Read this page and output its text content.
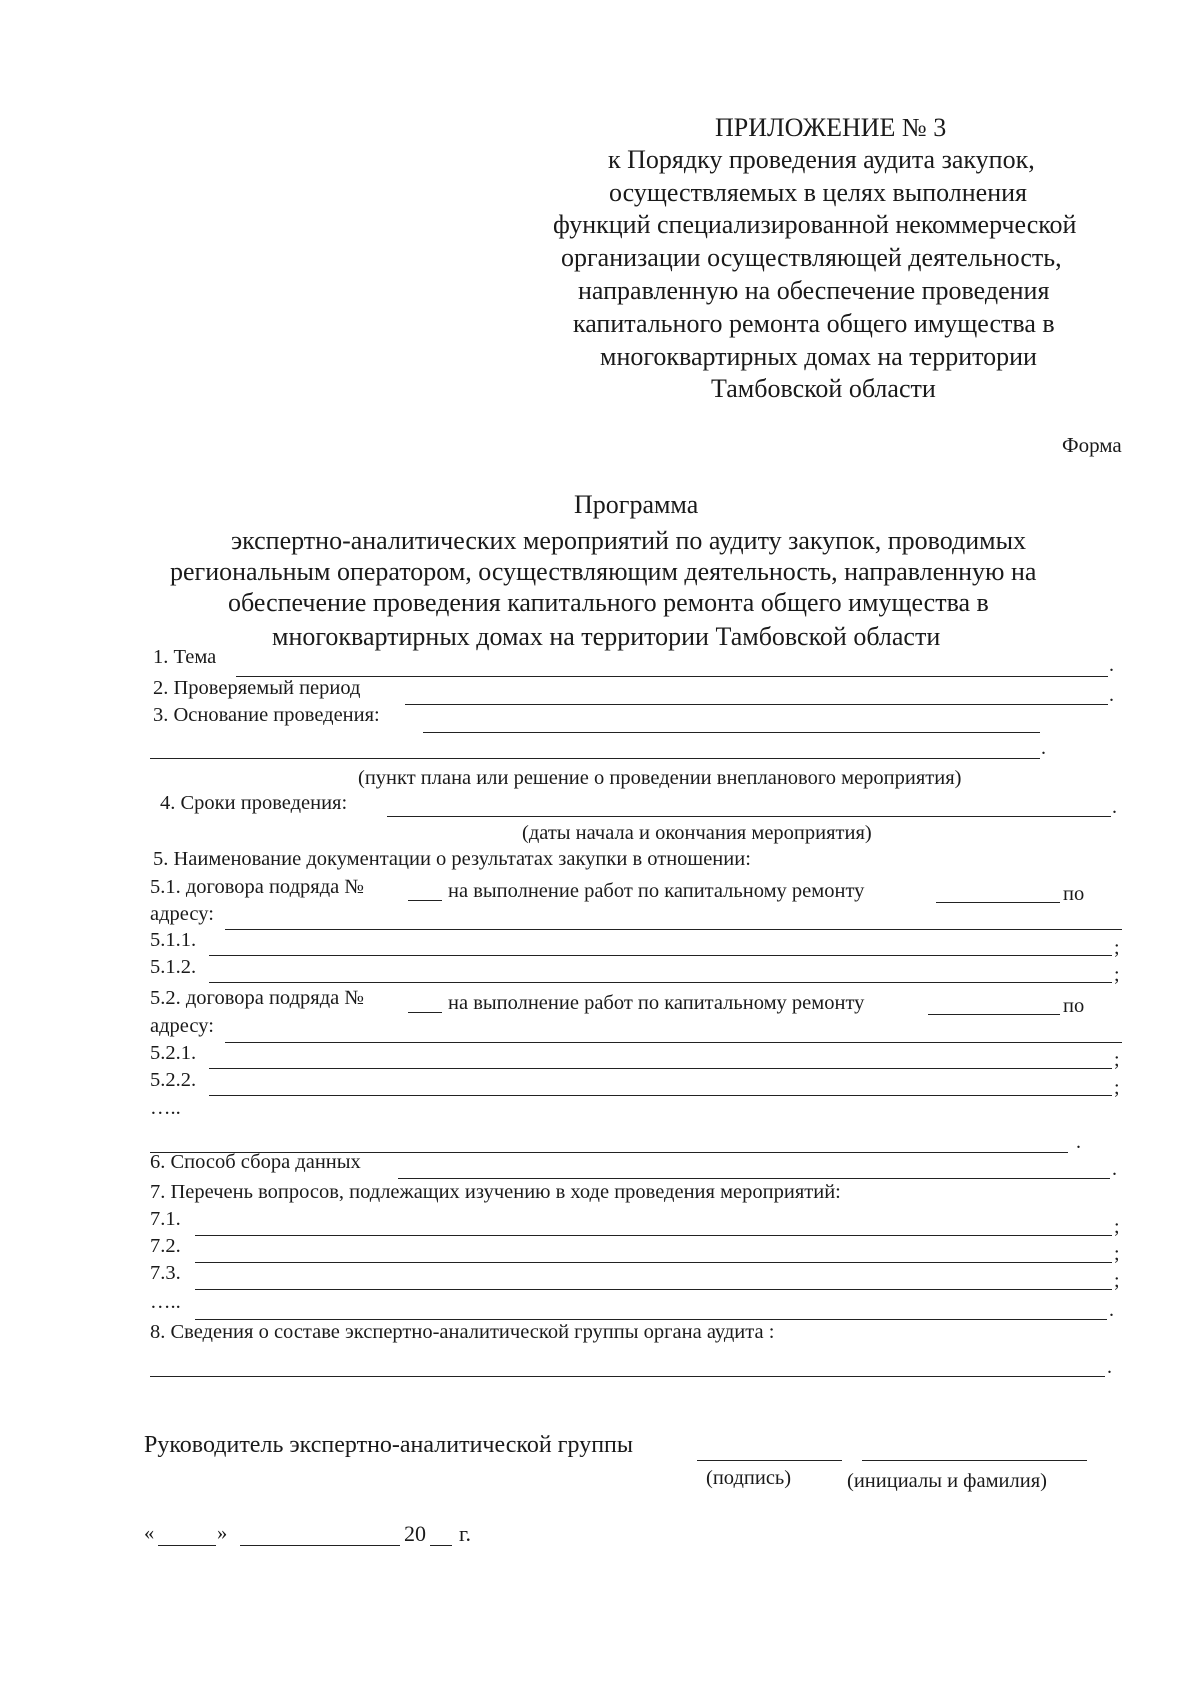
ПРИЛОЖЕНИЕ № 3
к Порядку проведения аудита закупок,
осуществляемых в целях выполнения
функций специализированной некоммерческой
организации осуществляющей деятельность,
направленную на обеспечение проведения
капитального ремонта общего имущества в
многоквартирных домах на территории
Тамбовской области
Форма
Программа
экспертно-аналитических мероприятий по аудиту закупок, проводимых
региональным оператором, осуществляющим деятельность, направленную на
обеспечение проведения капитального ремонта общего имущества в
многоквартирных домах на территории Тамбовской области
1. Тема	.
2. Проверяемый период	.
3. Основание проведения:
.
(пункт плана или решение о проведении внепланового мероприятия)
4. Сроки проведения:	.
(даты начала и окончания мероприятия)
5. Наименование документации о результатах закупки в отношении:
5.1. договора подряда №	на выполнение работ по капитальному ремонту	по
адресу:
5.1.1.	;
5.1.2.	;
5.2. договора подряда №	на выполнение работ по капитальному ремонту	по
адресу:
5.2.1.	;
5.2.2.	;
…..
.
6. Способ сбора данных	.
7. Перечень вопросов, подлежащих изучению в ходе проведения мероприятий:
7.1.	;
7.2.	;
7.3.	;
…..	.
8. Сведения о составе экспертно-аналитической группы органа аудита :
.
Руководитель экспертно-аналитической группы
(подпись)	(инициалы и фамилия)
«	»	20 г.
